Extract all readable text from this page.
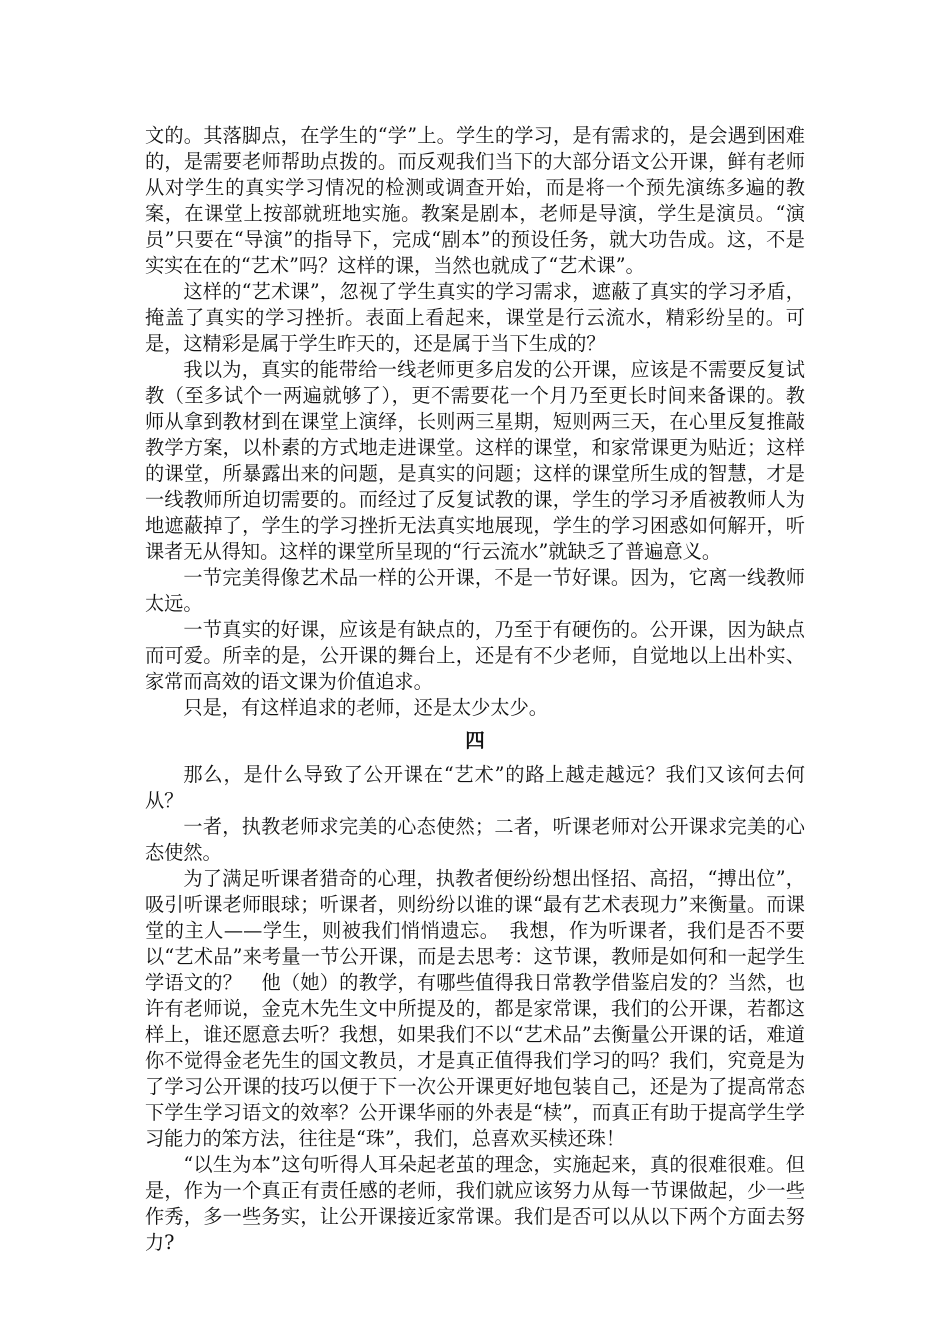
文的。其落脚点，在学生的“学”上。学生的学习，是有需求的，是会遇到困难的，是需要老师帮助点拨的。而反观我们当下的大部分语文公开课，鲜有老师从对学生的真实学习情况的检测或调查开始，而是将一个预先演练多遍的教案，在课堂上按部就班地实施。教案是剧本，老师是导演，学生是演员。“演员”只要在“导演”的指导下，完成“剧本”的预设任务，就大功告成。这，不是实实在在的“艺术”吗？这样的课，当然也就成了“艺术课”。

这样的“艺术课”，忽视了学生真实的学习需求，遮蔽了真实的学习矛盾，掩盖了真实的学习挫折。表面上看起来，课堂是行云流水，精彩纷呈的。可是，这精彩是属于学生昨天的，还是属于当下生成的？

我以为，真实的能带给一线老师更多启发的公开课，应该是不需要反复试教（至多试个一两遍就够了），更不需要花一个月乃至更长时间来备课的。教师从拿到教材到在课堂上演绎，长则两三星期，短则两三天，在心里反复推敲教学方案，以朴素的方式地走进课堂。这样的课堂，和家常课更为贴近；这样的课堂，所暴露出来的问题，是真实的问题；这样的课堂所生成的智慧，才是一线教师所迫切需要的。而经过了反复试教的课，学生的学习矛盾被教师人为地遮蔽掉了，学生的学习挫折无法真实地展现，学生的学习困惑如何解开，听课者无从得知。这样的课堂所呈现的“行云流水”就缺乏了普遍意义。

一节完美得像艺术品一样的公开课，不是一节好课。因为，它离一线教师太远。

一节真实的好课，应该是有缺点的，乃至于有硬伤的。公开课，因为缺点而可爱。所幸的是，公开课的舞台上，还是有不少老师，自觉地以上出朴实、家常而高效的语文课为价值追求。

只是，有这样追求的老师，还是太少太少。

四

那么，是什么导致了公开课在“艺术”的路上越走越远？我们又该何去何从？

一者，执教老师求完美的心态使然；二者，听课老师对公开课求完美的心态使然。

为了满足听课者猎奇的心理，执教者便纷纷想出怪招、高招，“搏出位”，吸引听课老师眼球；听课者，则纷纷以谁的课“最有艺术表现力”来衡量。而课堂的主人——学生，则被我们悄悄遗忘。　我想，作为听课者，我们是否不要以“艺术品”来考量一节公开课，而是去思考：这节课，教师是如何和一起学生学语文的？　他（她）的教学，有哪些值得我日常教学借鉴启发的？当然，也许有老师说，金克木先生文中所提及的，都是家常课，我们的公开课，若都这样上，谁还愿意去听？我想，如果我们不以“艺术品”去衡量公开课的话，难道你不觉得金老先生的国文教员，才是真正值得我们学习的吗？我们，究竟是为了学习公开课的技巧以便于下一次公开课更好地包装自己，还是为了提高常态下学生学习语文的效率？公开课华丽的外表是“椟”，而真正有助于提高学生学习能力的笨方法，往往是“珠”，我们，总喜欢买椟还珠！

“以生为本”这句听得人耳朵起老茧的理念，实施起来，真的很难很难。但是，作为一个真正有责任感的老师，我们就应该努力从每一节课做起，少一些作秀，多一些务实，让公开课接近家常课。我们是否可以从以下两个方面去努力?
